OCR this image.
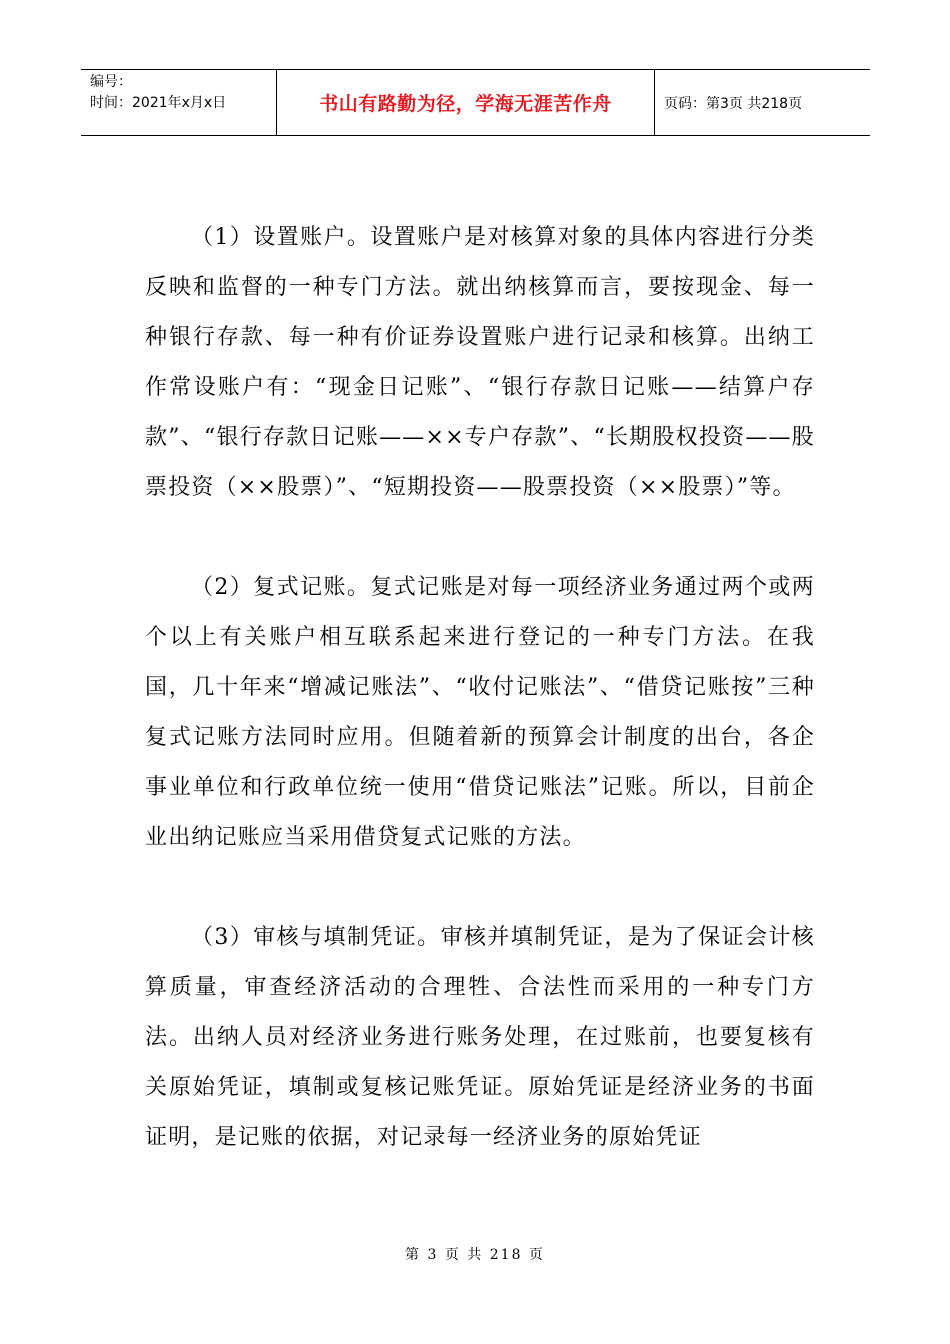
编号：
时间：2021年x月x日	书山有路勤为径，学海无涯苦作舟	页码：第3页 共218页

（1）设置账户。设置账户是对核算对象的具体内容进行分类反映和监督的一种专门方法。就出纳核算而言，要按现金、每一种银行存款、每一种有价证券设置账户进行记录和核算。出纳工作常设账户有：“现金日记账”、“银行存款日记账——结算户存款”、“银行存款日记账——××专户存款”、“长期股权投资——股票投资（××股票）”、“短期投资——股票投资（××股票）”等。

（2）复式记账。复式记账是对每一项经济业务通过两个或两个以上有关账户相互联系起来进行登记的一种专门方法。在我国，几十年来“增减记账法”、“收付记账法”、“借贷记账按”三种复式记账方法同时应用。但随着新的预算会计制度的出台，各企事业单位和行政单位统一使用“借贷记账法”记账。所以，目前企业出纳记账应当采用借贷复式记账的方法。

（3）审核与填制凭证。审核并填制凭证，是为了保证会计核算质量，审查经济活动的合理牲、合法性而采用的一种专门方法。出纳人员对经济业务进行账务处理，在过账前，也要复核有关原始凭证，填制或复核记账凭证。原始凭证是经济业务的书面证明，是记账的依据，对记录每一经济业务的原始凭证

第 3 页 共 218 页
